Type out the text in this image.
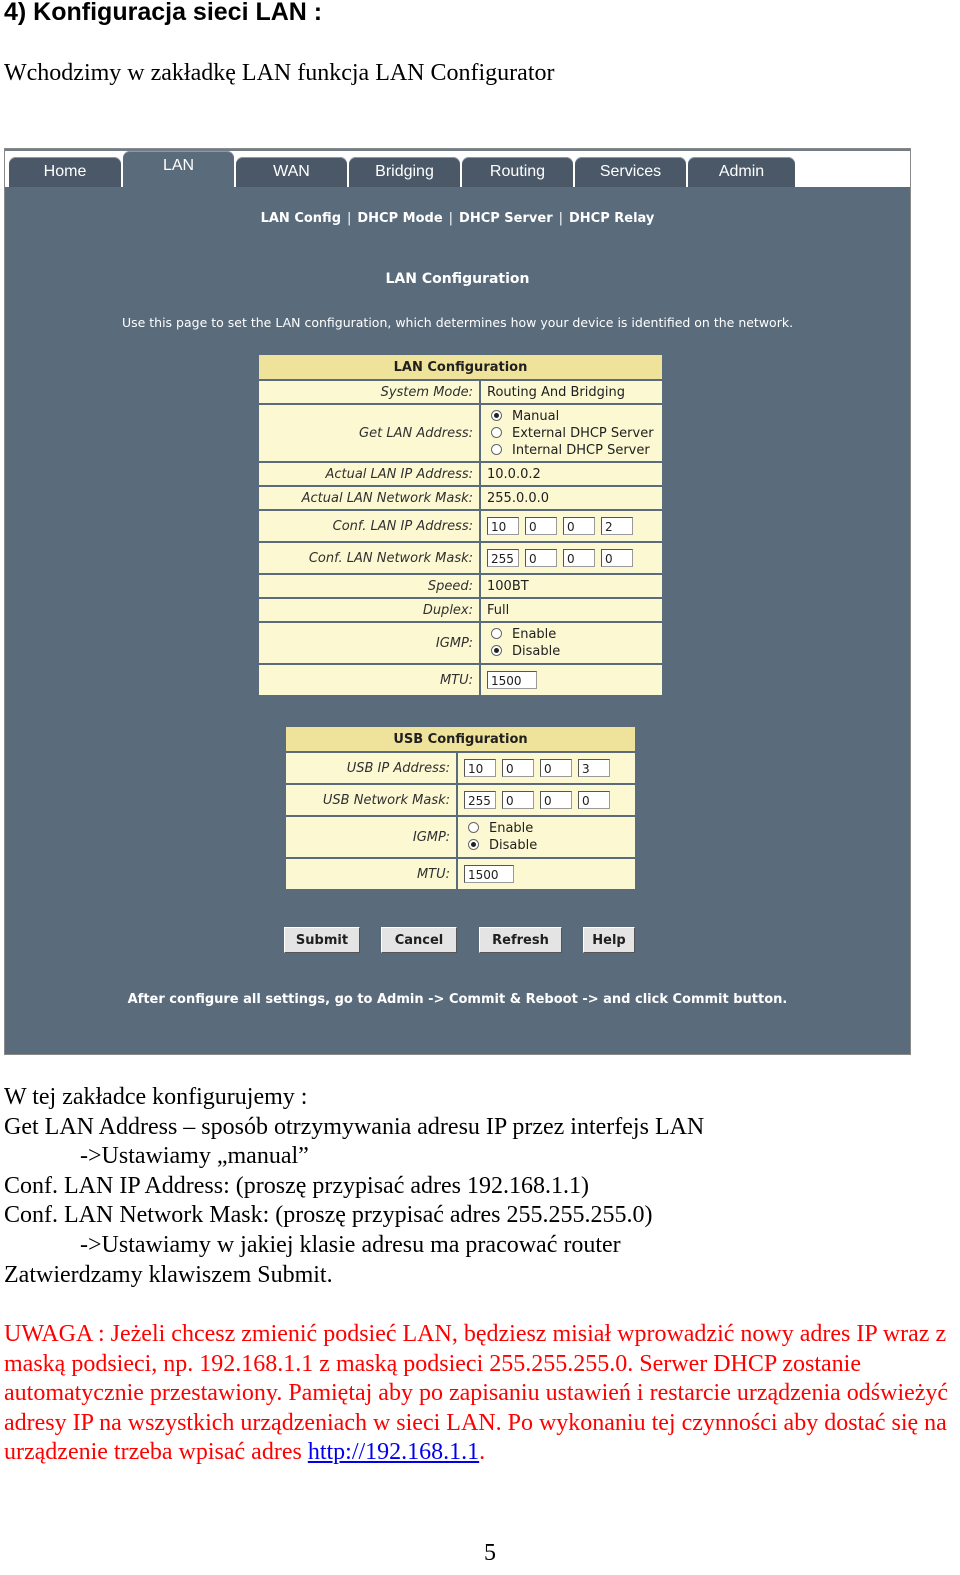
4) Konfiguracja sieci LAN :
Wchodzimy w zakładkę LAN funkcja LAN Configurator
Home	LAN	WAN	Bridging	Routing	Services	Admin
LAN Config | DHCP Mode | DHCP Server | DHCP Relay
LAN Configuration
Use this page to set the LAN configuration, which determines how your device is identified on the network.
LAN Configuration	
System Mode:	Routing And Bridging
Get LAN Address:	Manual
External DHCP Server
Internal DHCP Server

Actual LAN IP Address:	10.0.0.2
Actual LAN Network Mask:	255.0.0.0
Conf. LAN IP Address:	10 0 0 2
Conf. LAN Network Mask:	255 0 0 0
Speed:	100BT
Duplex:	Full
IGMP:	Enable
Disable

MTU:	1500
USB Configuration	
USB IP Address:	10 0 0 3
USB Network Mask:	255 0 0 0
IGMP:	Enable
Disable

MTU:	1500
Submit	Cancel	Refresh	Help
After configure all settings, go to Admin -> Commit & Reboot -> and click Commit button.
W tej zakładce konfigurujemy :
Get LAN Address – sposób otrzymywania adresu IP przez interfejs LAN
->Ustawiamy „manual”
Conf. LAN IP Address: (proszę przypisać adres 192.168.1.1)
Conf. LAN Network Mask: (proszę przypisać adres 255.255.255.0)
->Ustawiamy w jakiej klasie adresu ma pracować router
Zatwierdzamy klawiszem Submit.
UWAGA : Jeżeli chcesz zmienić podsieć LAN, będziesz misiał wprowadzić nowy adres IP wraz z maską podsieci, np. 192.168.1.1 z maską podsieci 255.255.255.0. Serwer DHCP zostanie automatycznie przestawiony. Pamiętaj aby po zapisaniu ustawień i restarcie urządzenia odświeżyć adresy IP na wszystkich urządzeniach w sieci LAN. Po wykonaniu tej czynności aby dostać się na urządzenie trzeba wpisać adres http://192.168.1.1.
5
